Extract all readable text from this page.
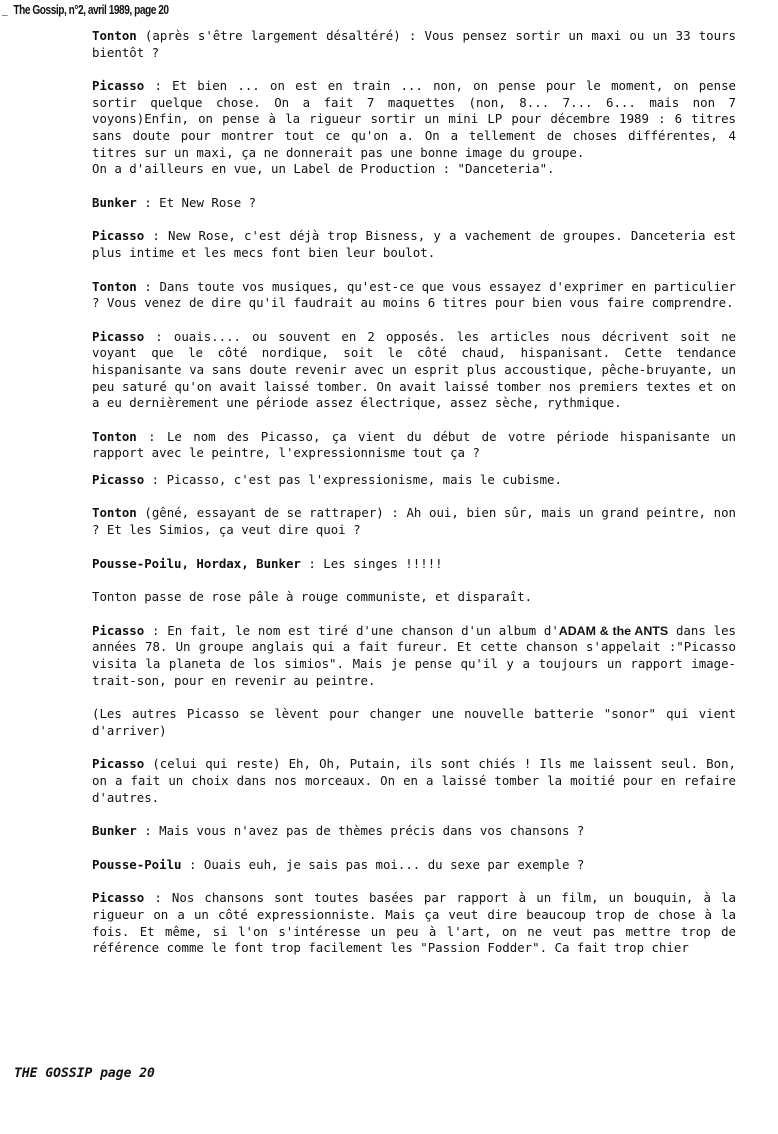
_ The Gossip, n°2, avril 1989, page 20

Tonton (après s'être largement désaltéré) : Vous pensez sortir un maxi ou un 33 tours bientôt ?

Picasso : Et bien ... on est en train ... non, on pense pour le moment, on pense sortir quelque chose. On a fait 7 maquettes (non, 8... 7... 6... mais non 7 voyons)Enfin, on pense à la rigueur sortir un mini LP pour décembre 1989 : 6 titres sans doute pour montrer tout ce qu'on a. On a tellement de choses différentes, 4 titres sur un maxi, ça ne donnerait pas une bonne image du groupe.
On a d'ailleurs en vue, un Label de Production : "Danceteria".

Bunker : Et New Rose ?

Picasso : New Rose, c'est déjà trop Bisness, y a vachement de groupes. Danceteria est plus intime et les mecs font bien leur boulot.

Tonton : Dans toute vos musiques, qu'est-ce que vous essayez d'exprimer en particulier ? Vous venez de dire qu'il faudrait au moins 6 titres pour bien vous faire comprendre.

Picasso : ouais.... ou souvent en 2 opposés. les articles nous décrivent soit ne voyant que le côté nordique, soit le côté chaud, hispanisant. Cette tendance hispanisante va sans doute revenir avec un esprit plus accoustique, pêche-bruyante, un peu saturé qu'on avait laissé tomber. On avait laissé tomber nos premiers textes et on a eu dernièrement une période assez électrique, assez sèche, rythmique.

Tonton : Le nom des Picasso, ça vient du début de votre période hispanisante un rapport avec le peintre, l'expressionnisme tout ça ?

Picasso : Picasso, c'est pas l'expressionisme, mais le cubisme.

Tonton (gêné, essayant de se rattraper) : Ah oui, bien sûr, mais un grand peintre, non ? Et les Simios, ça veut dire quoi ?

Pousse-Poilu, Hordax, Bunker : Les singes !!!!!

Tonton passe de rose pâle à rouge communiste, et disparaît.

Picasso : En fait, le nom est tiré d'une chanson d'un album d'ADAM & the ANTS dans les années 78. Un groupe anglais qui a fait fureur. Et cette chanson s'appelait :"Picasso visita la planeta de los simios". Mais je pense qu'il y a toujours un rapport image-trait-son, pour en revenir au peintre.

(Les autres Picasso se lèvent pour changer une nouvelle batterie "sonor" qui vient d'arriver)

Picasso (celui qui reste) Eh, Oh, Putain, ils sont chiés ! Ils me laissent seul. Bon, on a fait un choix dans nos morceaux. On en a laissé tomber la moitié pour en refaire d'autres.

Bunker : Mais vous n'avez pas de thèmes précis dans vos chansons ?

Pousse-Poilu : Ouais euh, je sais pas moi... du sexe par exemple ?

Picasso : Nos chansons sont toutes basées par rapport à un film, un bouquin, à la rigueur on a un côté expressionniste. Mais ça veut dire beaucoup trop de chose à la fois. Et même, si l'on s'intéresse un peu à l'art, on ne veut pas mettre trop de référence comme le font trop facilement les "Passion Fodder". Ca fait trop chier

THE GOSSIP page 20
